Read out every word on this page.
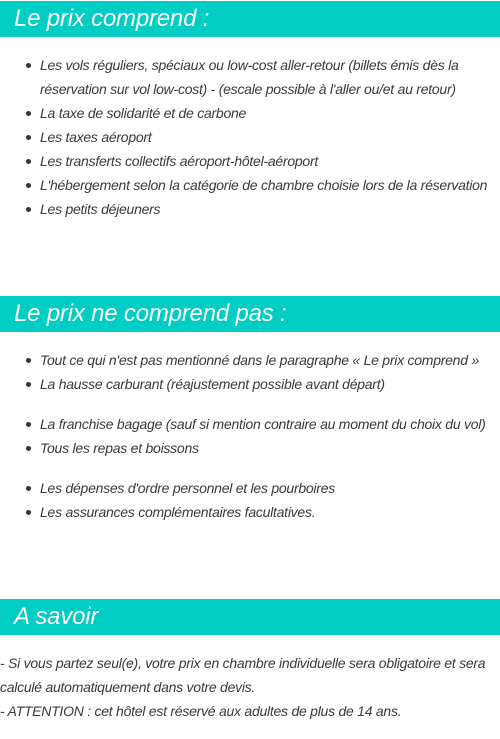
Le prix comprend :
Les vols réguliers, spéciaux ou low-cost aller-retour (billets émis dès la réservation sur vol low-cost) - (escale possible à l'aller ou/et au retour)
La taxe de solidarité et de carbone
Les taxes aéroport
Les transferts collectifs aéroport-hôtel-aéroport
L'hébergement selon la catégorie de chambre choisie lors de la réservation
Les petits déjeuners
Le prix ne comprend pas :
Tout ce qui n'est pas mentionné dans le paragraphe « Le prix comprend »
La hausse carburant (réajustement possible avant départ)
La franchise bagage (sauf si mention contraire au moment du choix du vol)
Tous les repas et boissons
Les dépenses d'ordre personnel et les pourboires
Les assurances complémentaires facultatives.
A savoir

- Si vous partez seul(e), votre prix en chambre individuelle sera obligatoire et sera calculé automatiquement dans votre devis.

- ATTENTION : cet hôtel est réservé aux adultes de plus de 14 ans.
